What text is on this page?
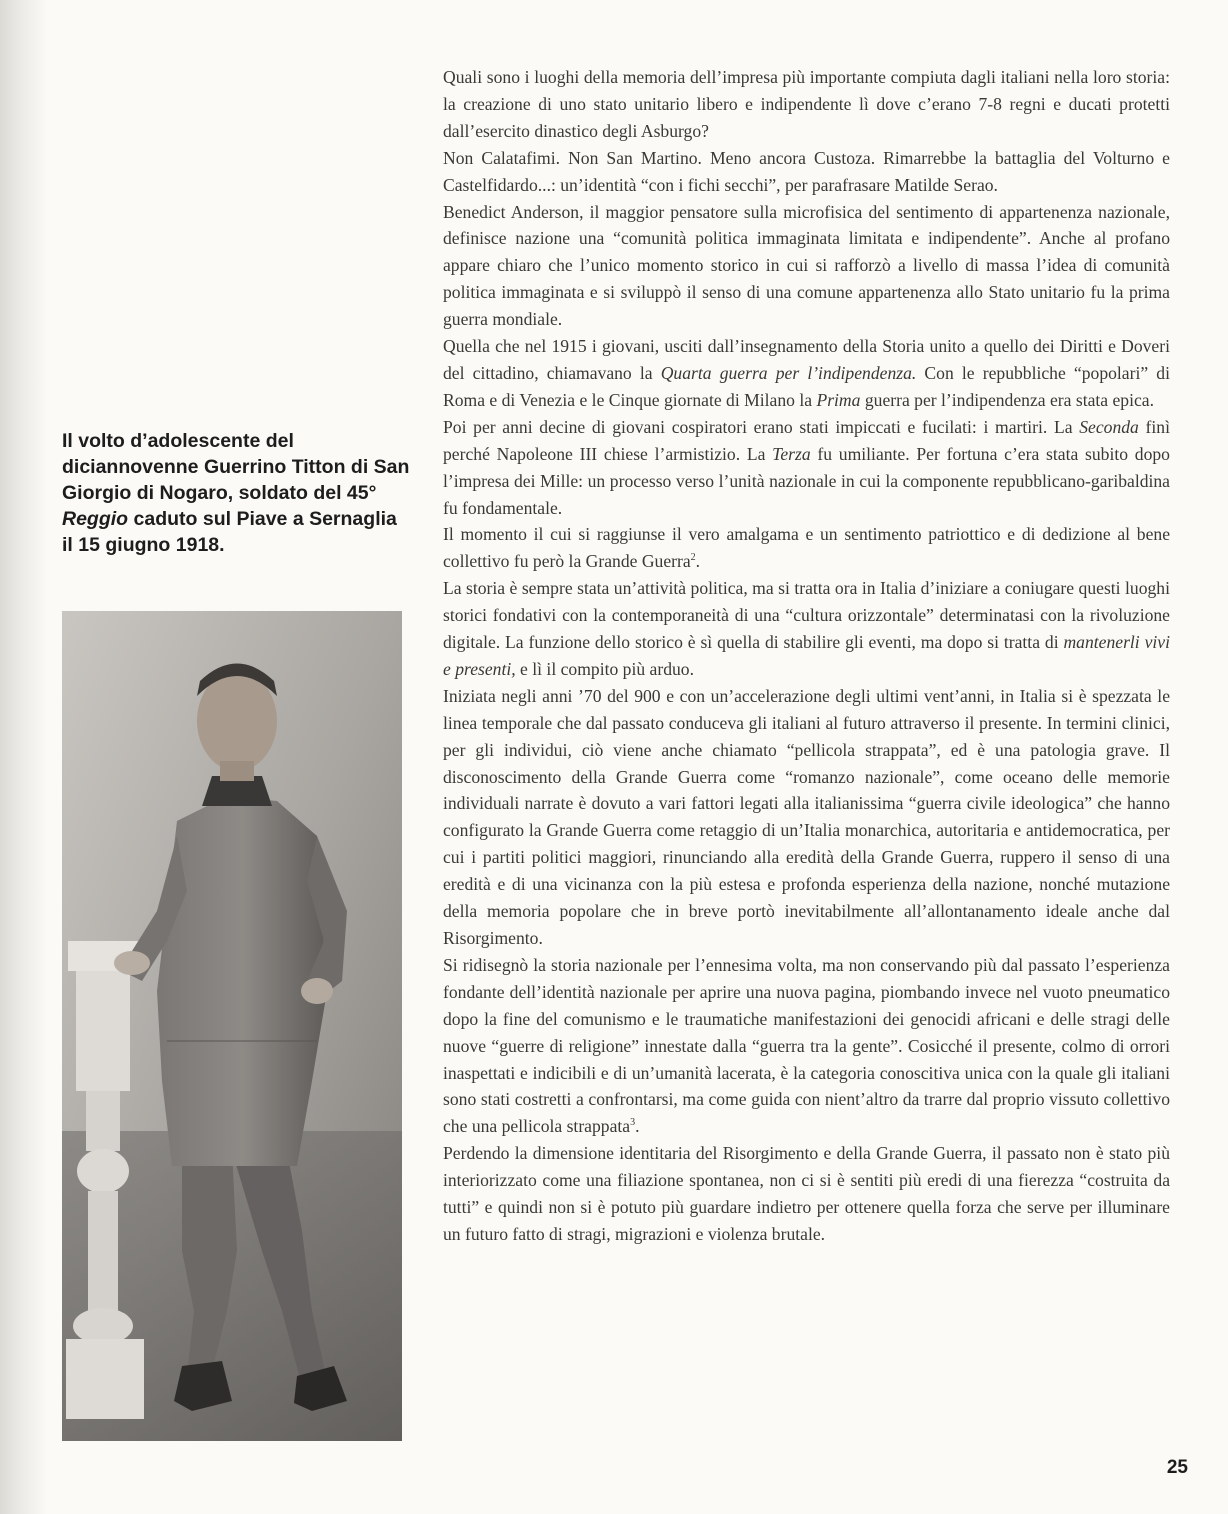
Il volto d’adolescente del diciannovenne Guerrino Titton di San Giorgio di Nogaro, soldato del 45° Reggio caduto sul Piave a Sernaglia il 15 giugno 1918.

Quali sono i luoghi della memoria dell’impresa più importante compiuta dagli italiani nella loro storia: la creazione di uno stato unitario libero e indipendente lì dove c’erano 7-8 regni e ducati protetti dall’esercito dinastico degli Asburgo?

Non Calatafimi. Non San Martino. Meno ancora Custoza. Rimarrebbe la battaglia del Volturno e Castelfidardo...: un’identità “con i fichi secchi”, per parafrasare Matilde Serao.

Benedict Anderson, il maggior pensatore sulla microfisica del sentimento di appartenenza nazionale, definisce nazione una “comunità politica immaginata limitata e indipendente”. Anche al profano appare chiaro che l’unico momento storico in cui si rafforzò a livello di massa l’idea di comunità politica immaginata e si sviluppò il senso di una comune appartenenza allo Stato unitario fu la prima guerra mondiale.

Quella che nel 1915 i giovani, usciti dall’insegnamento della Storia unito a quello dei Diritti e Doveri del cittadino, chiamavano la Quarta guerra per l’indipendenza. Con le repubbliche “popolari” di Roma e di Venezia e le Cinque giornate di Milano la Prima guerra per l’indipendenza era stata epica.

Poi per anni decine di giovani cospiratori erano stati impiccati e fucilati: i martiri. La Seconda finì perché Napoleone III chiese l’armistizio. La Terza fu umiliante. Per fortuna c’era stata subito dopo l’impresa dei Mille: un processo verso l’unità nazionale in cui la componente repubblicano-garibaldina fu fondamentale.

Il momento il cui si raggiunse il vero amalgama e un sentimento patriottico e di dedizione al bene collettivo fu però la Grande Guerra$^2$.

La storia è sempre stata un’attività politica, ma si tratta ora in Italia d’iniziare a coniugare questi luoghi storici fondativi con la contemporaneità di una “cultura orizzontale” determinatasi con la rivoluzione digitale. La funzione dello storico è sì quella di stabilire gli eventi, ma dopo si tratta di mantenerli vivi e presenti, e lì il compito più arduo.

Iniziata negli anni ’70 del 900 e con un’accelerazione degli ultimi vent’anni, in Italia si è spezzata le linea temporale che dal passato conduceva gli italiani al futuro attraverso il presente. In termini clinici, per gli individui, ciò viene anche chiamato “pellicola strappata”, ed è una patologia grave. Il disconoscimento della Grande Guerra come “romanzo nazionale”, come oceano delle memorie individuali narrate è dovuto a vari fattori legati alla italianissima “guerra civile ideologica” che hanno configurato la Grande Guerra come retaggio di un’Italia monarchica, autoritaria e antidemocratica, per cui i partiti politici maggiori, rinunciando alla eredità della Grande Guerra, ruppero il senso di una eredità e di una vicinanza con la più estesa e profonda esperienza della nazione, nonché mutazione della memoria popolare che in breve portò inevitabilmente all’allontanamento ideale anche dal Risorgimento.

Si ridisegnò la storia nazionale per l’ennesima volta, ma non conservando più dal passato l’esperienza fondante dell’identità nazionale per aprire una nuova pagina, piombando invece nel vuoto pneumatico dopo la fine del comunismo e le traumatiche manifestazioni dei genocidi africani e delle stragi delle nuove “guerre di religione” innestate dalla “guerra tra la gente”. Cosicché il presente, colmo di orrori inaspettati e indicibili e di un’umanità lacerata, è la categoria conoscitiva unica con la quale gli italiani sono stati costretti a confrontarsi, ma come guida con nient’altro da trarre dal proprio vissuto collettivo che una pellicola strappata$^3$.

Perdendo la dimensione identitaria del Risorgimento e della Grande Guerra, il passato non è stato più interiorizzato come una filiazione spontanea, non ci si è sentiti più eredi di una fierezza “costruita da tutti” e quindi non si è potuto più guardare indietro per ottenere quella forza che serve per illuminare un futuro fatto di stragi, migrazioni e violenza brutale.

25
